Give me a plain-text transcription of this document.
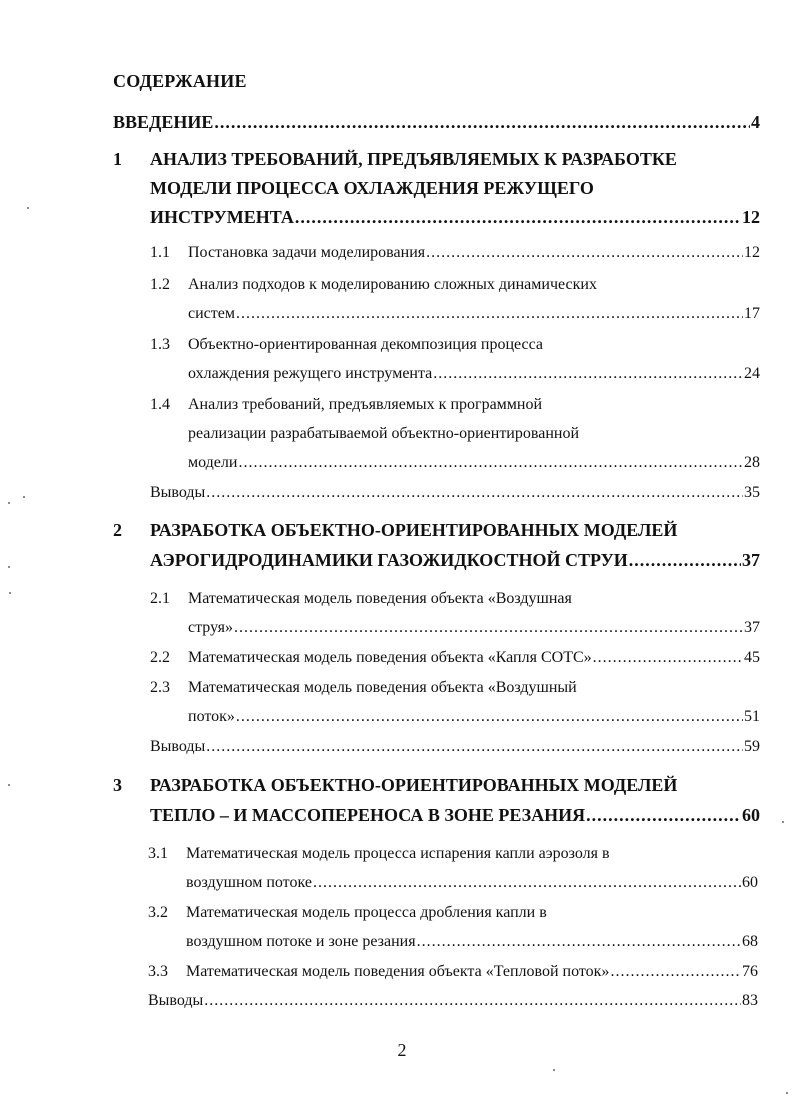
СОДЕРЖАНИЕ
ВВЕДЕНИЕ .....	4
1 АНАЛИЗ ТРЕБОВАНИЙ, ПРЕДЪЯВЛЯЕМЫХ К РАЗРАБОТКЕ
МОДЕЛИ ПРОЦЕССА ОХЛАЖДЕНИЯ РЕЖУЩЕГО
ИНСТРУМЕНТА .....	12
1.1 Постановка задачи моделирования .....	12
1.2 Анализ подходов к моделированию сложных динамических
систем .....	17
1.3 Объектно-ориентированная декомпозиция процесса
охлаждения режущего инструмента .....	24
1.4 Анализ требований, предъявляемых к программной
реализации разрабатываемой объектно-ориентированной
модели .....	28
Выводы .....	35
2 РАЗРАБОТКА ОБЪЕКТНО-ОРИЕНТИРОВАННЫХ МОДЕЛЕЙ
АЭРОГИДРОДИНАМИКИ ГАЗОЖИДКОСТНОЙ СТРУИ .....	37
2.1 Математическая модель поведения объекта «Воздушная
струя» .....	37
2.2 Математическая модель поведения объекта «Капля СОТС» .....	45
2.3 Математическая модель поведения объекта «Воздушный
поток» .....	51
Выводы .....	59
3 РАЗРАБОТКА ОБЪЕКТНО-ОРИЕНТИРОВАННЫХ МОДЕЛЕЙ
ТЕПЛО – И МАССОПЕРЕНОСА В ЗОНЕ РЕЗАНИЯ .....	60
3.1 Математическая модель процесса испарения капли аэрозоля в
воздушном потоке .....	60
3.2 Математическая модель процесса дробления капли в
воздушном потоке и зоне резания .....	68
3.3 Математическая модель поведения объекта «Тепловой поток» .....	76
Выводы .....	83
2
